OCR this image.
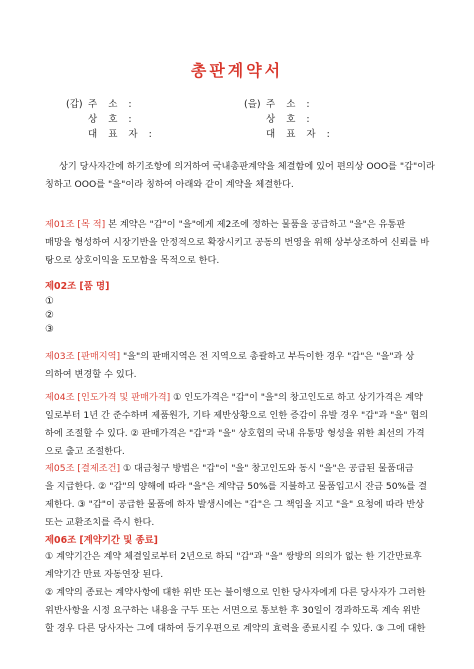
총판계약서
(갑) 주 소 :
상 호 :
대 표 자 :
(을) 주 소 :
상 호 :
대 표 자 :
상기 당사자간에 하기조항에 의거하여 국내총판계약을 체결함에 있어 편의상 OOO를 "갑"이라
칭하고 OOO를 "을"이라 칭하여 아래와 같이 계약을 체결한다.
제01조 [목 적] 본 계약은 "갑"이 "을"에게 제2조에 정하는 물품을 공급하고 "을"은 유통판
매망을 형성하여 시장기반을 안정적으로 확장시키고 공동의 번영을 위해 상부상조하여 신뢰를 바
탕으로 상호이익을 도모함을 목적으로 한다.
제02조 [품 명]
①
②
③
제03조 [판매지역] "을"의 판매지역은 전 지역으로 총괄하고 부득이한 경우 "갑"은 "을"과 상
의하여 변경할 수 있다.
제04조 [인도가격 및 판매가격] ① 인도가격은 "갑"이 "을"의 창고인도로 하고 상기가격은 계약
일로부터 1년 간 준수하며 제품원가, 기타 제반상황으로 인한 증감이 유발 경우 "갑"과 "을" 협의
하에 조절할 수 있다. ② 판매가격은 "갑"과 "을" 상호협의 국내 유통망 형성을 위한 최선의 가격
으로 출고 조절한다.
제05조 [결제조건] ① 대금청구 방법은 "갑"이 "을" 창고인도와 동시 "을"은 공급된 물품대금
을 지급한다. ② "갑"의 양해에 따라 "을"은 계약금 50%를 지불하고 물품입고시 잔금 50%를 결
제한다. ③ "갑"이 공급한 물품에 하자 발생시에는 "갑"은 그 책임을 지고 "을" 요청에 따라 반상
또는 교환조치를 즉시 한다.
제06조 [계약기간 및 종료]
① 계약기간은 계약 체결일로부터 2년으로 하되 "갑"과 "을" 쌍방의 의의가 없는 한 기간만료후
계약기간 만료 자동연장 된다.
② 계약의 종료는 계약사항에 대한 위반 또는 불이행으로 인한 당사자에게 다른 당사자가 그러한
위반사항을 시정 요구하는 내용을 구두 또는 서면으로 통보한 후 30일이 경과하도록 계속 위반
할 경우 다른 당사자는 그에 대하여 등기우편으로 계약의 효력을 종료시킬 수 있다. ③ 그에 대한
